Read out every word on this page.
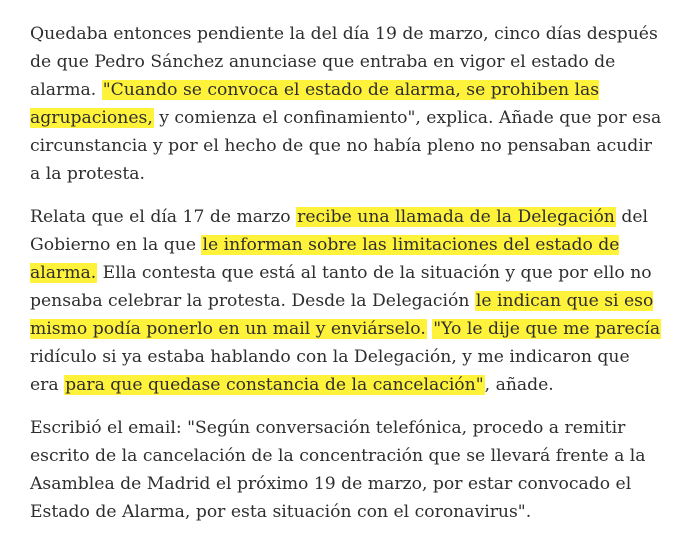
Quedaba entonces pendiente la del día 19 de marzo, cinco días después de que Pedro Sánchez anunciase que entraba en vigor el estado de alarma. "Cuando se convoca el estado de alarma, se prohiben las agrupaciones, y comienza el confinamiento", explica. Añade que por esa circunstancia y por el hecho de que no había pleno no pensaban acudir a la protesta.

Relata que el día 17 de marzo recibe una llamada de la Delegación del Gobierno en la que le informan sobre las limitaciones del estado de alarma. Ella contesta que está al tanto de la situación y que por ello no pensaba celebrar la protesta. Desde la Delegación le indican que si eso mismo podía ponerlo en un mail y enviárselo. "Yo le dije que me parecía ridículo si ya estaba hablando con la Delegación, y me indicaron que era para que quedase constancia de la cancelación", añade.

Escribió el email: "Según conversación telefónica, procedo a remitir escrito de la cancelación de la concentración que se llevará frente a la Asamblea de Madrid el próximo 19 de marzo, por estar convocado el Estado de Alarma, por esta situación con el coronavirus".
